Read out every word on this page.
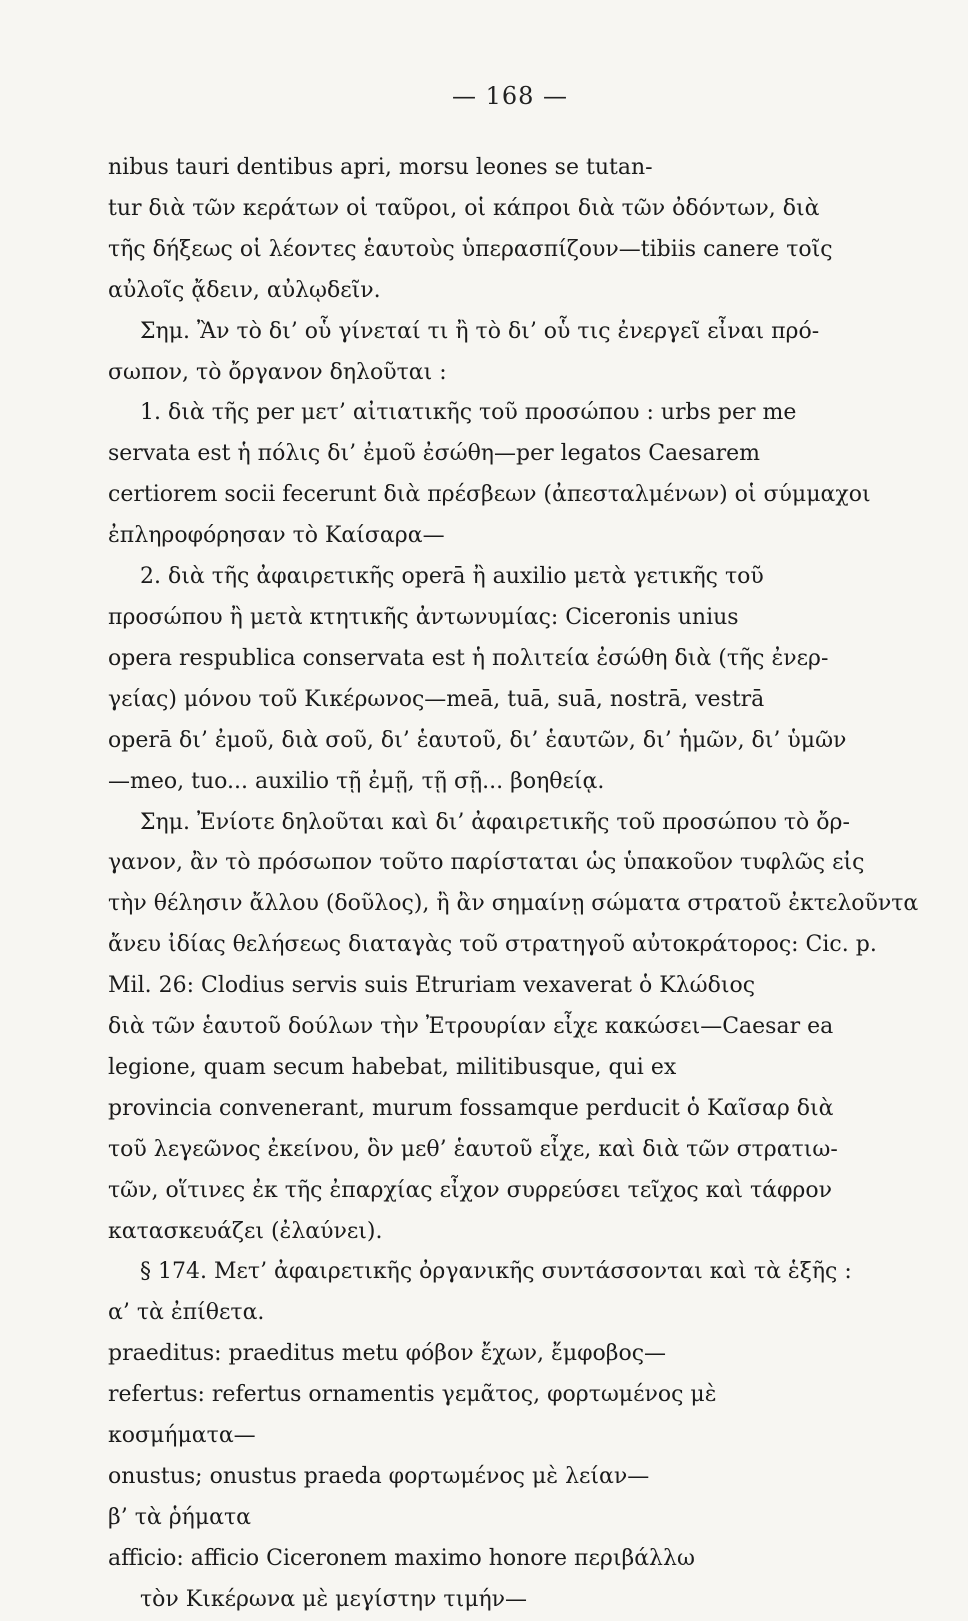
— 168 —
nibus tauri dentibus apri, morsu leones se tutan-
tur διὰ τῶν κεράτων οἱ ταῦροι, οἱ κάπροι διὰ τῶν ὀδόντων, διὰ
τῆς δήξεως οἱ λέοντες ἑαυτοὺς ὑπερασπίζουν—tibiis canere τοῖς
αὐλοῖς ᾄδειν, αὐλῳδεῖν.
Σημ. Ἂν τὸ δι’ οὗ γίνεταί τι ἢ τὸ δι’ οὗ τις ἐνεργεῖ εἶναι πρό-
σωπον, τὸ ὄργανον δηλοῦται :
1. διὰ τῆς per μετ’ αἰτιατικῆς τοῦ προσώπου : urbs per me
servata est ἡ πόλις δι’ ἐμοῦ ἐσώθη—per legatos Caesarem
certiorem socii fecerunt διὰ πρέσβεων (ἀπεσταλμένων) οἱ σύμμαχοι
ἐπληροφόρησαν τὸ Καίσαρα—
2. διὰ τῆς ἀφαιρετικῆς operā ἢ auxilio μετὰ γετικῆς τοῦ
προσώπου ἢ μετὰ κτητικῆς ἀντωνυμίας: Ciceronis unius
opera respublica conservata est ἡ πολιτεία ἐσώθη διὰ (τῆς ἐνερ-
γείας) μόνου τοῦ Κικέρωνος—meā, tuā, suā, nostrā, vestrā
operā δι’ ἐμοῦ, διὰ σοῦ, δι’ ἑαυτοῦ, δι’ ἑαυτῶν, δι’ ἡμῶν, δι’ ὑμῶν
—meo, tuo... auxilio τῇ ἐμῇ, τῇ σῇ... βοηθείᾳ.
Σημ. Ἐνίοτε δηλοῦται καὶ δι’ ἀφαιρετικῆς τοῦ προσώπου τὸ ὄρ-
γανον, ἂν τὸ πρόσωπον τοῦτο παρίσταται ὡς ὑπακοῦον τυφλῶς εἰς
τὴν θέλησιν ἄλλου (δοῦλος), ἢ ἂν σημαίνῃ σώματα στρατοῦ ἐκτελοῦντα
ἄνευ ἰδίας θελήσεως διαταγὰς τοῦ στρατηγοῦ αὐτοκράτορος: Cic. p.
Mil. 26: Clodius servis suis Etruriam vexaverat ὁ Κλώδιος
διὰ τῶν ἑαυτοῦ δούλων τὴν Ἐτρουρίαν εἶχε κακώσει—Caesar ea
legione, quam secum habebat, militibusque, qui ex
provincia convenerant, murum fossamque perducit ὁ Καῖσαρ διὰ
τοῦ λεγεῶνος ἐκείνου, ὃν μεθ’ ἑαυτοῦ εἶχε, καὶ διὰ τῶν στρατιω-
τῶν, οἵτινες ἐκ τῆς ἐπαρχίας εἶχον συρρεύσει τεῖχος καὶ τάφρον
κατασκευάζει (ἐλαύνει).
§ 174. Μετ’ ἀφαιρετικῆς ὀργανικῆς συντάσσονται καὶ τὰ ἑξῆς :
α’ τὰ ἐπίθετα.
praeditus: praeditus metu φόβον ἔχων, ἔμφοβος—
refertus: refertus ornamentis γεμᾶτος, φορτωμένος μὲ
κοσμήματα—
onustus; onustus praeda φορτωμένος μὲ λείαν—
β’ τὰ ῥήματα
afficio: afficio Ciceronem maximo honore περιβάλλω
τὸν Κικέρωνα μὲ μεγίστην τιμήν—
